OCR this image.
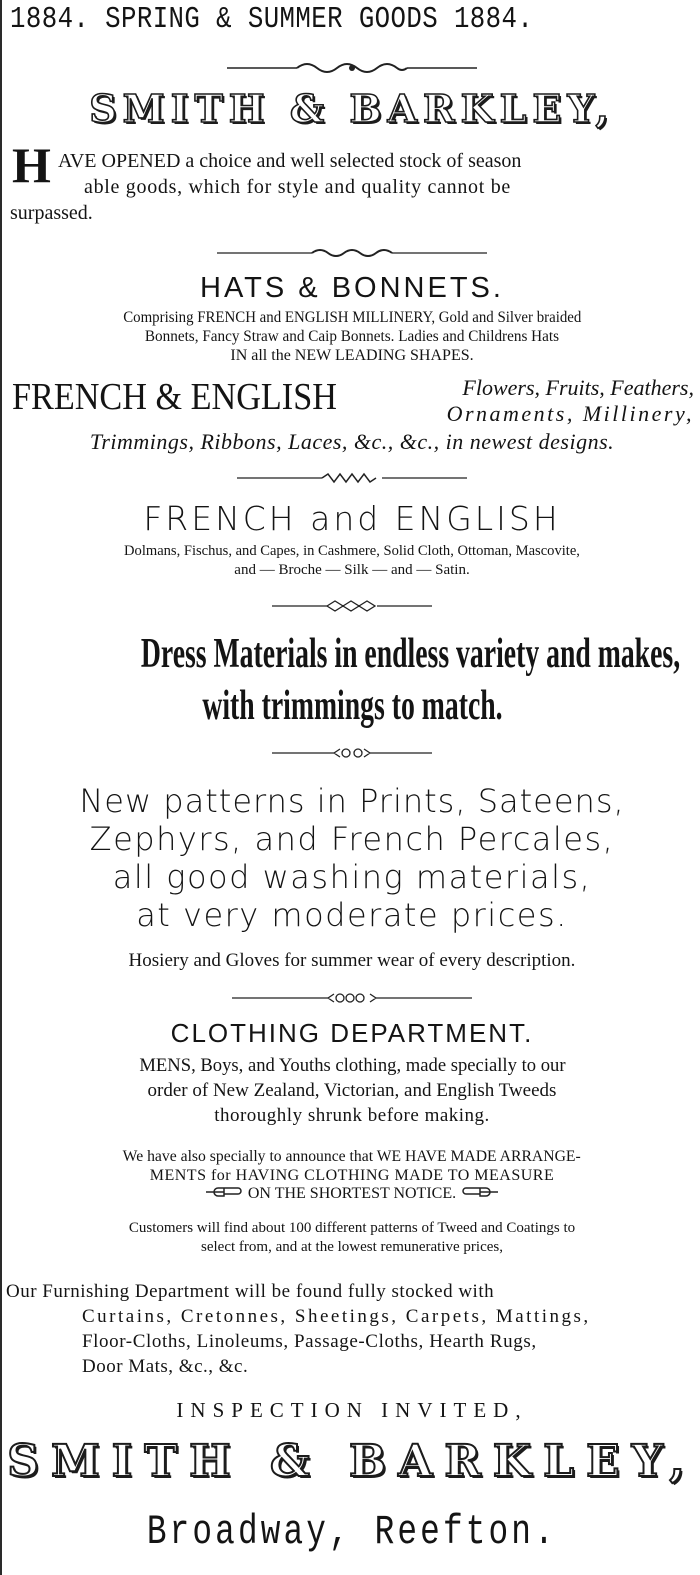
1884. SPRING & SUMMER GOODS 1884.
SMITH & BARKLEY,
H AVE OPENED a choice and well selected stock of season
able goods, which for style and quality cannot be
surpassed.
HATS & BONNETS.
Comprising FRENCH and ENGLISH MILLINERY, Gold and Silver braided
Bonnets, Fancy Straw and Caip Bonnets. Ladies and Childrens Hats
IN all the NEW LEADING SHAPES.
FRENCH & ENGLISH	Flowers, Fruits, Feathers,
Ornaments, Millinery,
Trimmings, Ribbons, Laces, &c., &c., in newest designs.
FRENCH and ENGLISH
Dolmans, Fischus, and Capes, in Cashmere, Solid Cloth, Ottoman, Mascovite,
and — Broche — Silk — and — Satin.
Dress Materials in endless variety and makes,
with trimmings to match.
New patterns in Prints, Sateens,
Zephyrs, and French Percales,
all good washing materials,
at very moderate prices.
Hosiery and Gloves for summer wear of every description.
CLOTHING DEPARTMENT.
MENS, Boys, and Youths clothing, made specially to our
order of New Zealand, Victorian, and English Tweeds
thoroughly shrunk before making.
We have also specially to announce that WE HAVE MADE ARRANGE-
MENTS for HAVING CLOTHING MADE TO MEASURE
ON THE SHORTEST NOTICE.
Customers will find about 100 different patterns of Tweed and Coatings to
select from, and at the lowest remunerative prices,
Our Furnishing Department will be found fully stocked with
Curtains, Cretonnes, Sheetings, Carpets, Mattings,
Floor-Cloths, Linoleums, Passage-Cloths, Hearth Rugs,
Door Mats, &c., &c.
INSPECTION INVITED,
SMITH & BARKLEY,
Broadway, Reefton.
